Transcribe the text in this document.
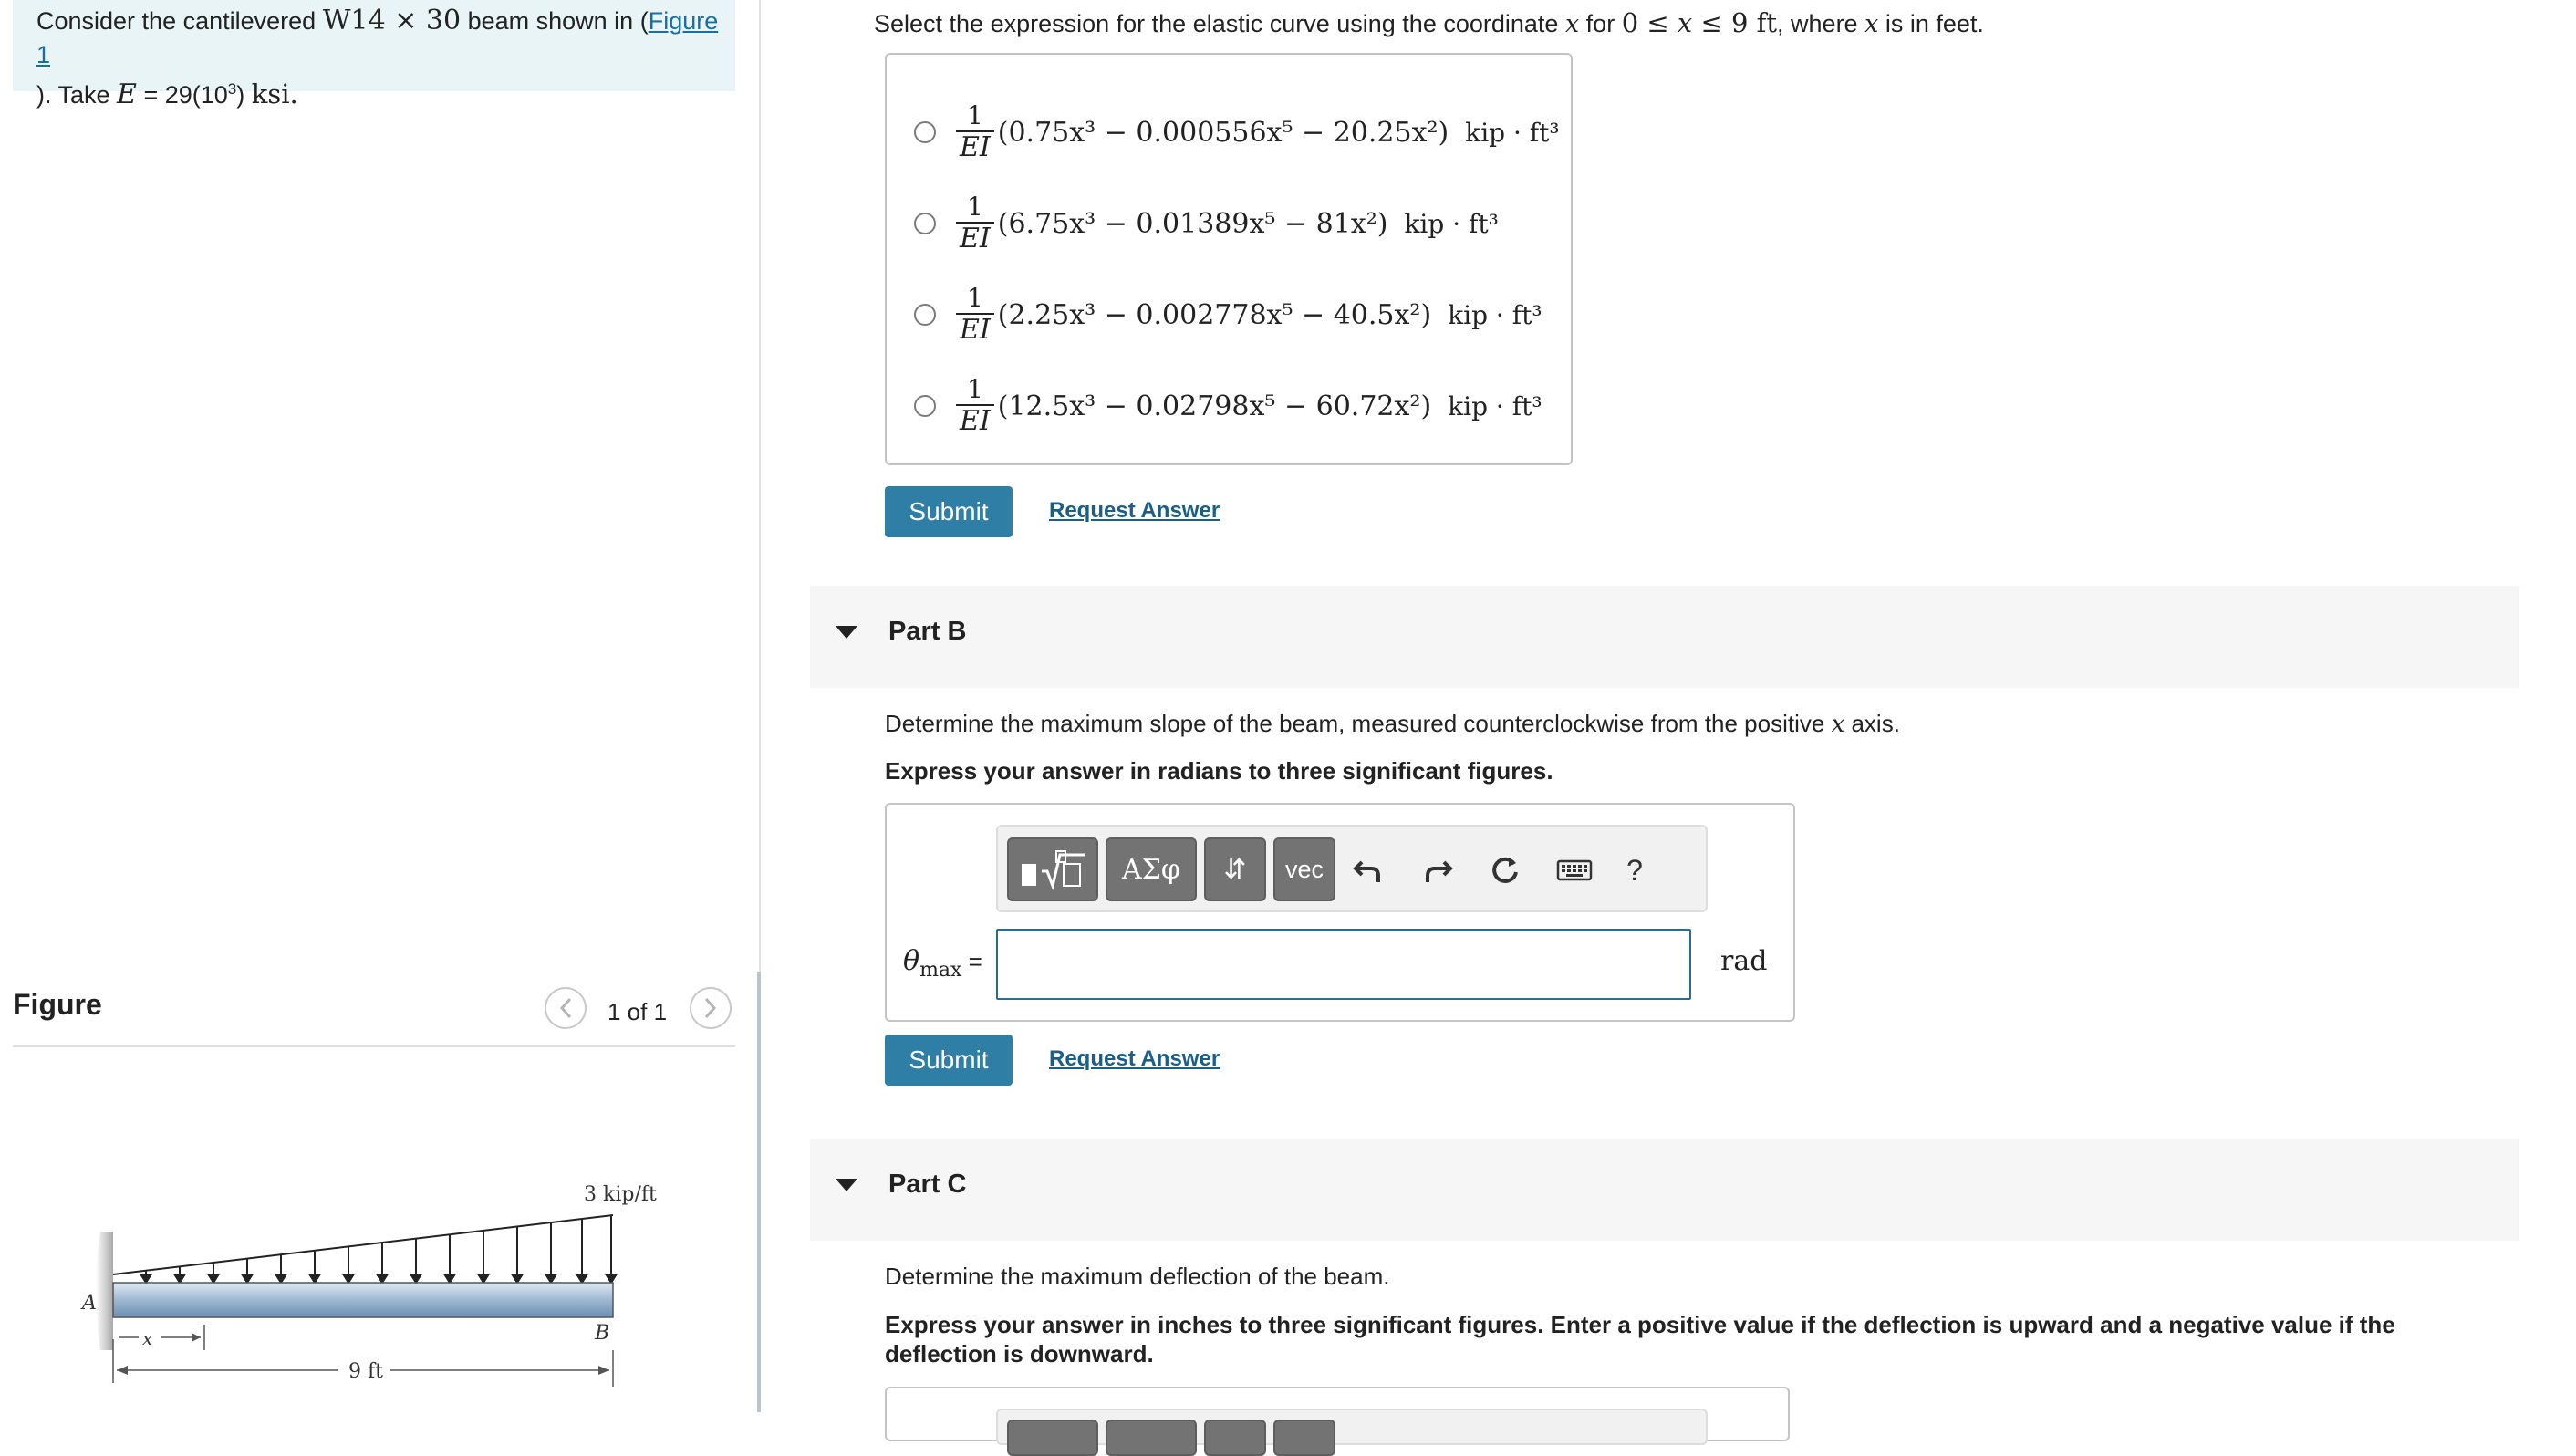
Consider the cantilevered W14 × 30 beam shown in (Figure 1
). Take $E = 29(10^3)$ ksi.
Figure	1 of 1
3 kip/ft
A
B
x
9 ft
Select the expression for the elastic curve using the coordinate x for 0 ≤ x ≤ 9 ft, where x is in feet.
$\frac{1}{EI} (0.75x^3 - 0.000556x^5 - 20.25x^2)$ kip · ft³
$\frac{1}{EI} (6.75x^3 - 0.01389x^5 - 81x^2)$ kip · ft³
$\frac{1}{EI} (2.25x^3 - 0.002778x^5 - 40.5x^2)$ kip · ft³
$\frac{1}{EI} (12.5x^3 - 0.02798x^5 - 60.72x^2)$ kip · ft³
Submit	Request Answer
Part B
Determine the maximum slope of the beam, measured counterclockwise from the positive x axis.
Express your answer in radians to three significant figures.
ΑΣφ	⇵	vec	?
$\theta_{max}$ =	rad
Submit	Request Answer
Part C
Determine the maximum deflection of the beam.
Express your answer in inches to three significant figures. Enter a positive value if the deflection is upward and a negative value if the
deflection is downward.
